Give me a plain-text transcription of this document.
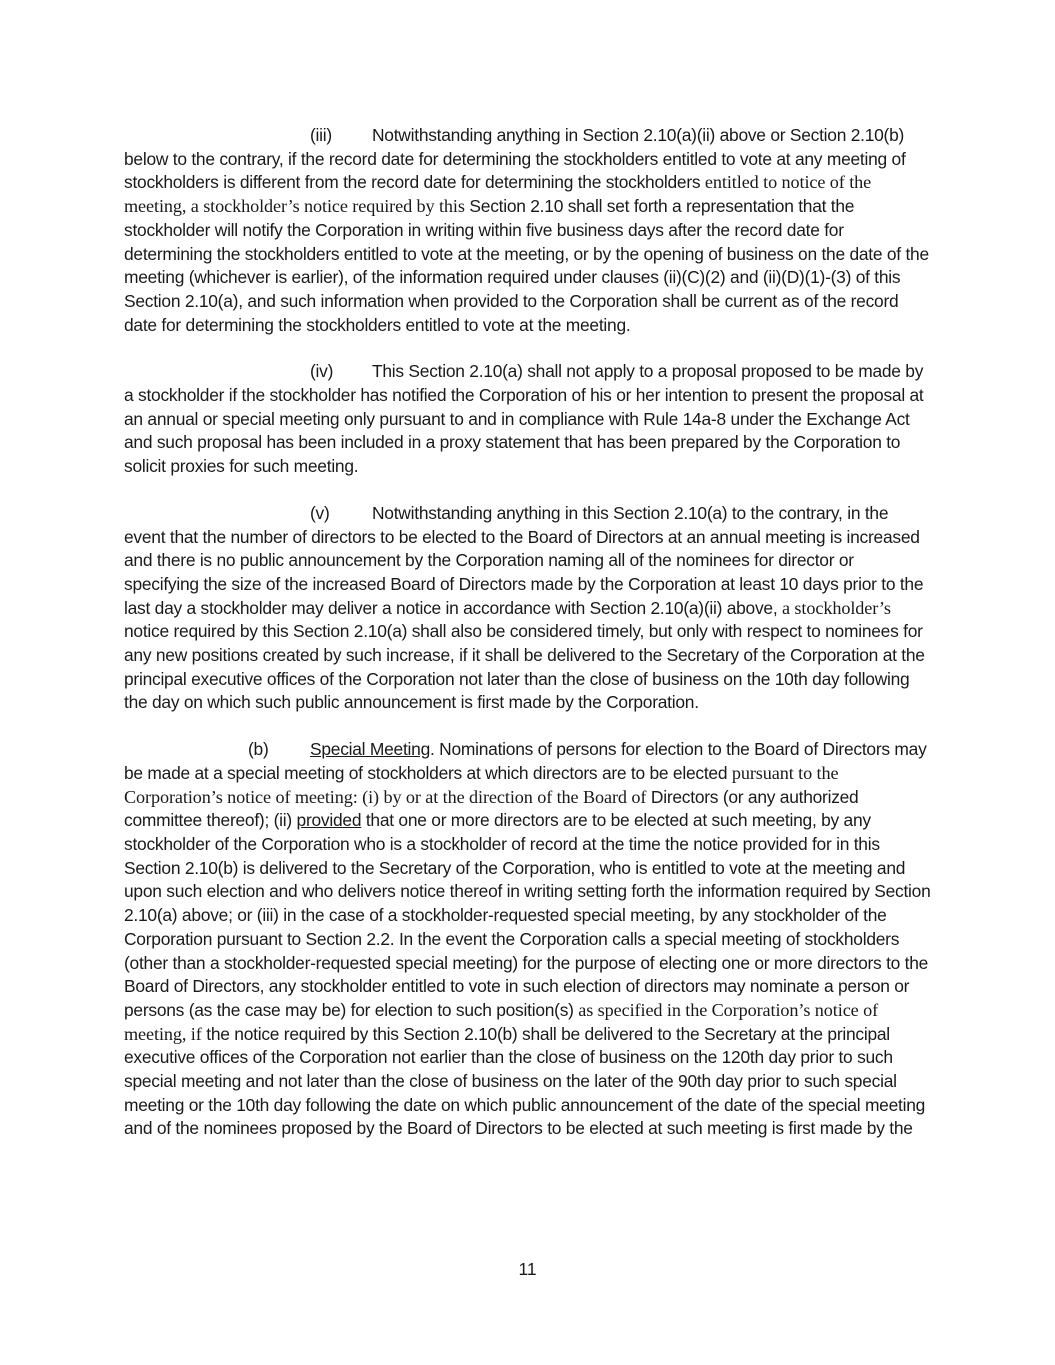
(iii) Notwithstanding anything in Section 2.10(a)(ii) above or Section 2.10(b) below to the contrary, if the record date for determining the stockholders entitled to vote at any meeting of stockholders is different from the record date for determining the stockholders entitled to notice of the meeting, a stockholder’s notice required by this Section 2.10 shall set forth a representation that the stockholder will notify the Corporation in writing within five business days after the record date for determining the stockholders entitled to vote at the meeting, or by the opening of business on the date of the meeting (whichever is earlier), of the information required under clauses (ii)(C)(2) and (ii)(D)(1)-(3) of this Section 2.10(a), and such information when provided to the Corporation shall be current as of the record date for determining the stockholders entitled to vote at the meeting.

(iv) This Section 2.10(a) shall not apply to a proposal proposed to be made by a stockholder if the stockholder has notified the Corporation of his or her intention to present the proposal at an annual or special meeting only pursuant to and in compliance with Rule 14a-8 under the Exchange Act and such proposal has been included in a proxy statement that has been prepared by the Corporation to solicit proxies for such meeting.

(v) Notwithstanding anything in this Section 2.10(a) to the contrary, in the event that the number of directors to be elected to the Board of Directors at an annual meeting is increased and there is no public announcement by the Corporation naming all of the nominees for director or specifying the size of the increased Board of Directors made by the Corporation at least 10 days prior to the last day a stockholder may deliver a notice in accordance with Section 2.10(a)(ii) above, a stockholder’s notice required by this Section 2.10(a) shall also be considered timely, but only with respect to nominees for any new positions created by such increase, if it shall be delivered to the Secretary of the Corporation at the principal executive offices of the Corporation not later than the close of business on the 10th day following the day on which such public announcement is first made by the Corporation.

(b) Special Meeting. Nominations of persons for election to the Board of Directors may be made at a special meeting of stockholders at which directors are to be elected pursuant to the Corporation’s notice of meeting: (i) by or at the direction of the Board of Directors (or any authorized committee thereof); (ii) provided that one or more directors are to be elected at such meeting, by any stockholder of the Corporation who is a stockholder of record at the time the notice provided for in this Section 2.10(b) is delivered to the Secretary of the Corporation, who is entitled to vote at the meeting and upon such election and who delivers notice thereof in writing setting forth the information required by Section 2.10(a) above; or (iii) in the case of a stockholder-requested special meeting, by any stockholder of the Corporation pursuant to Section 2.2. In the event the Corporation calls a special meeting of stockholders (other than a stockholder-requested special meeting) for the purpose of electing one or more directors to the Board of Directors, any stockholder entitled to vote in such election of directors may nominate a person or persons (as the case may be) for election to such position(s) as specified in the Corporation’s notice of meeting, if the notice required by this Section 2.10(b) shall be delivered to the Secretary at the principal executive offices of the Corporation not earlier than the close of business on the 120th day prior to such special meeting and not later than the close of business on the later of the 90th day prior to such special meeting or the 10th day following the date on which public announcement of the date of the special meeting and of the nominees proposed by the Board of Directors to be elected at such meeting is first made by the

11
